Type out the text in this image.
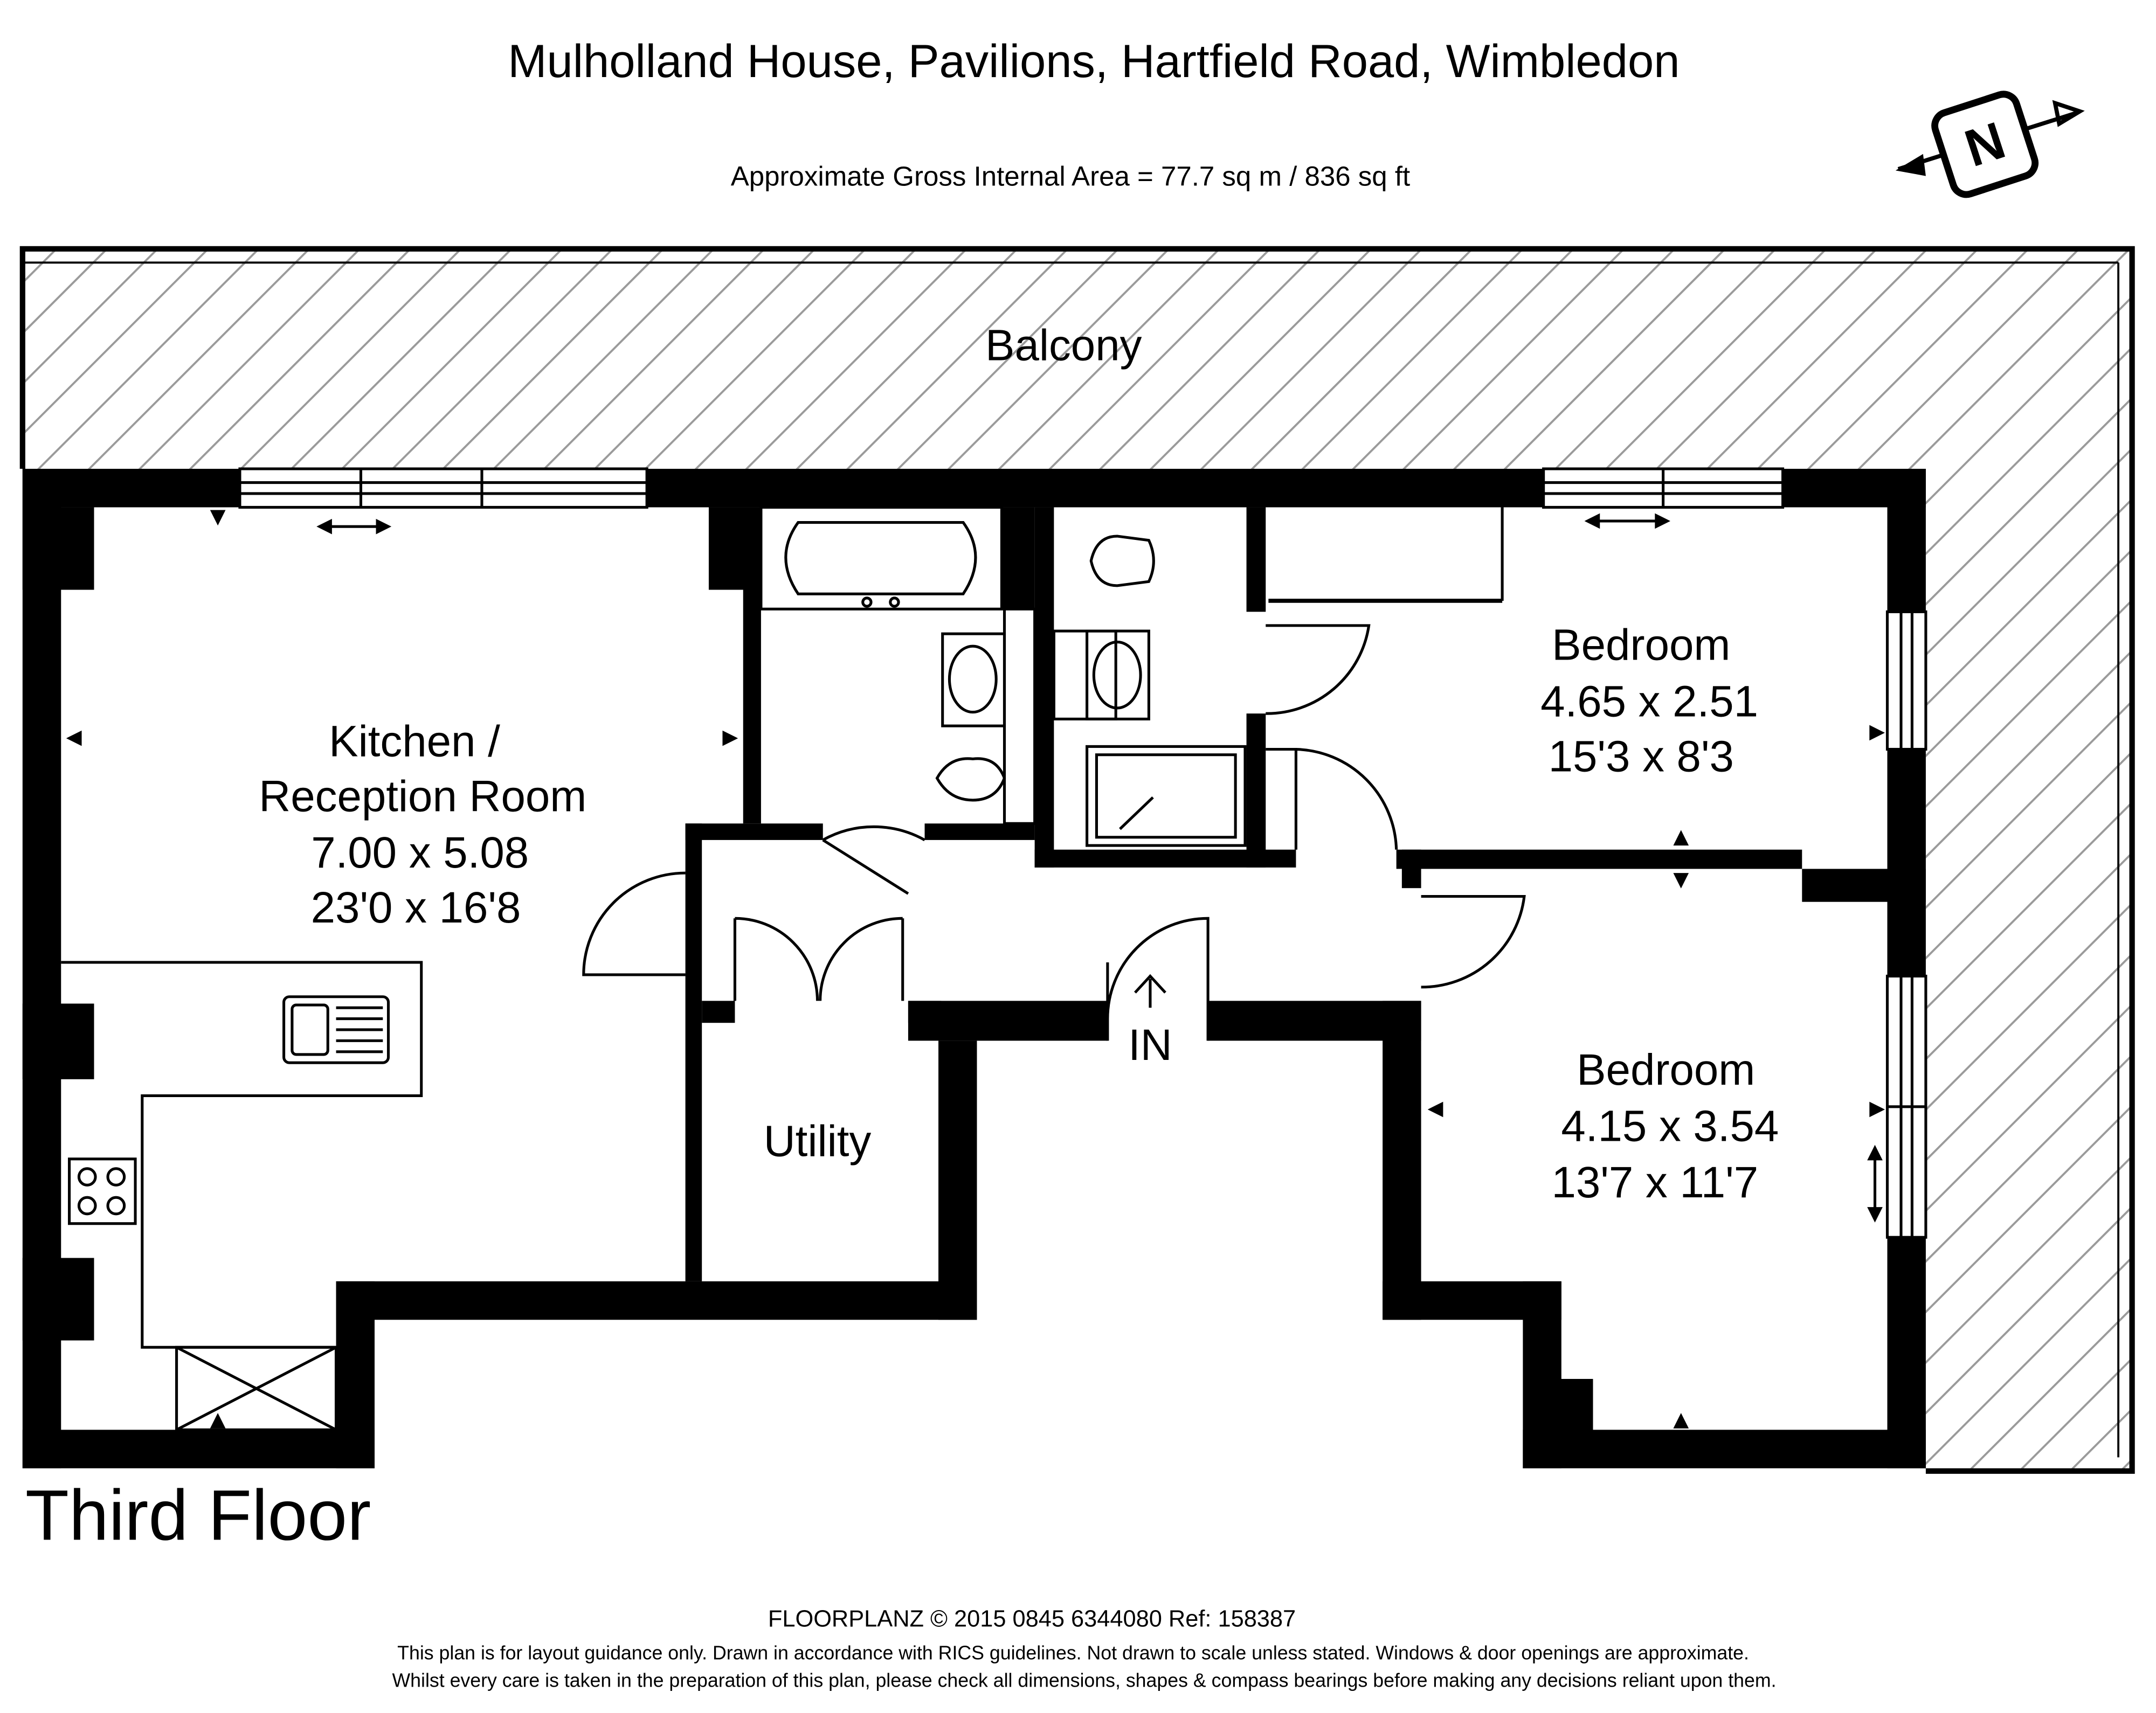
Mulholland House, Pavilions, Hartfield Road, Wimbledon
Approximate Gross Internal Area = 77.7 sq m / 836 sq ft	N
Balcony
IN
Kitchen /
Reception Room
7.00 x 5.08
23'0 x 16'8
Bedroom
4.65 x 2.51
15'3 x 8'3
Bedroom
4.15 x 3.54
13'7 x 11'7
Utility
Third Floor
FLOORPLANZ © 2015 0845 6344080 Ref: 158387
This plan is for layout guidance only. Drawn in accordance with RICS guidelines. Not drawn to scale unless stated. Windows & door openings are approximate.
Whilst every care is taken in the preparation of this plan, please check all dimensions, shapes & compass bearings before making any decisions reliant upon them.
